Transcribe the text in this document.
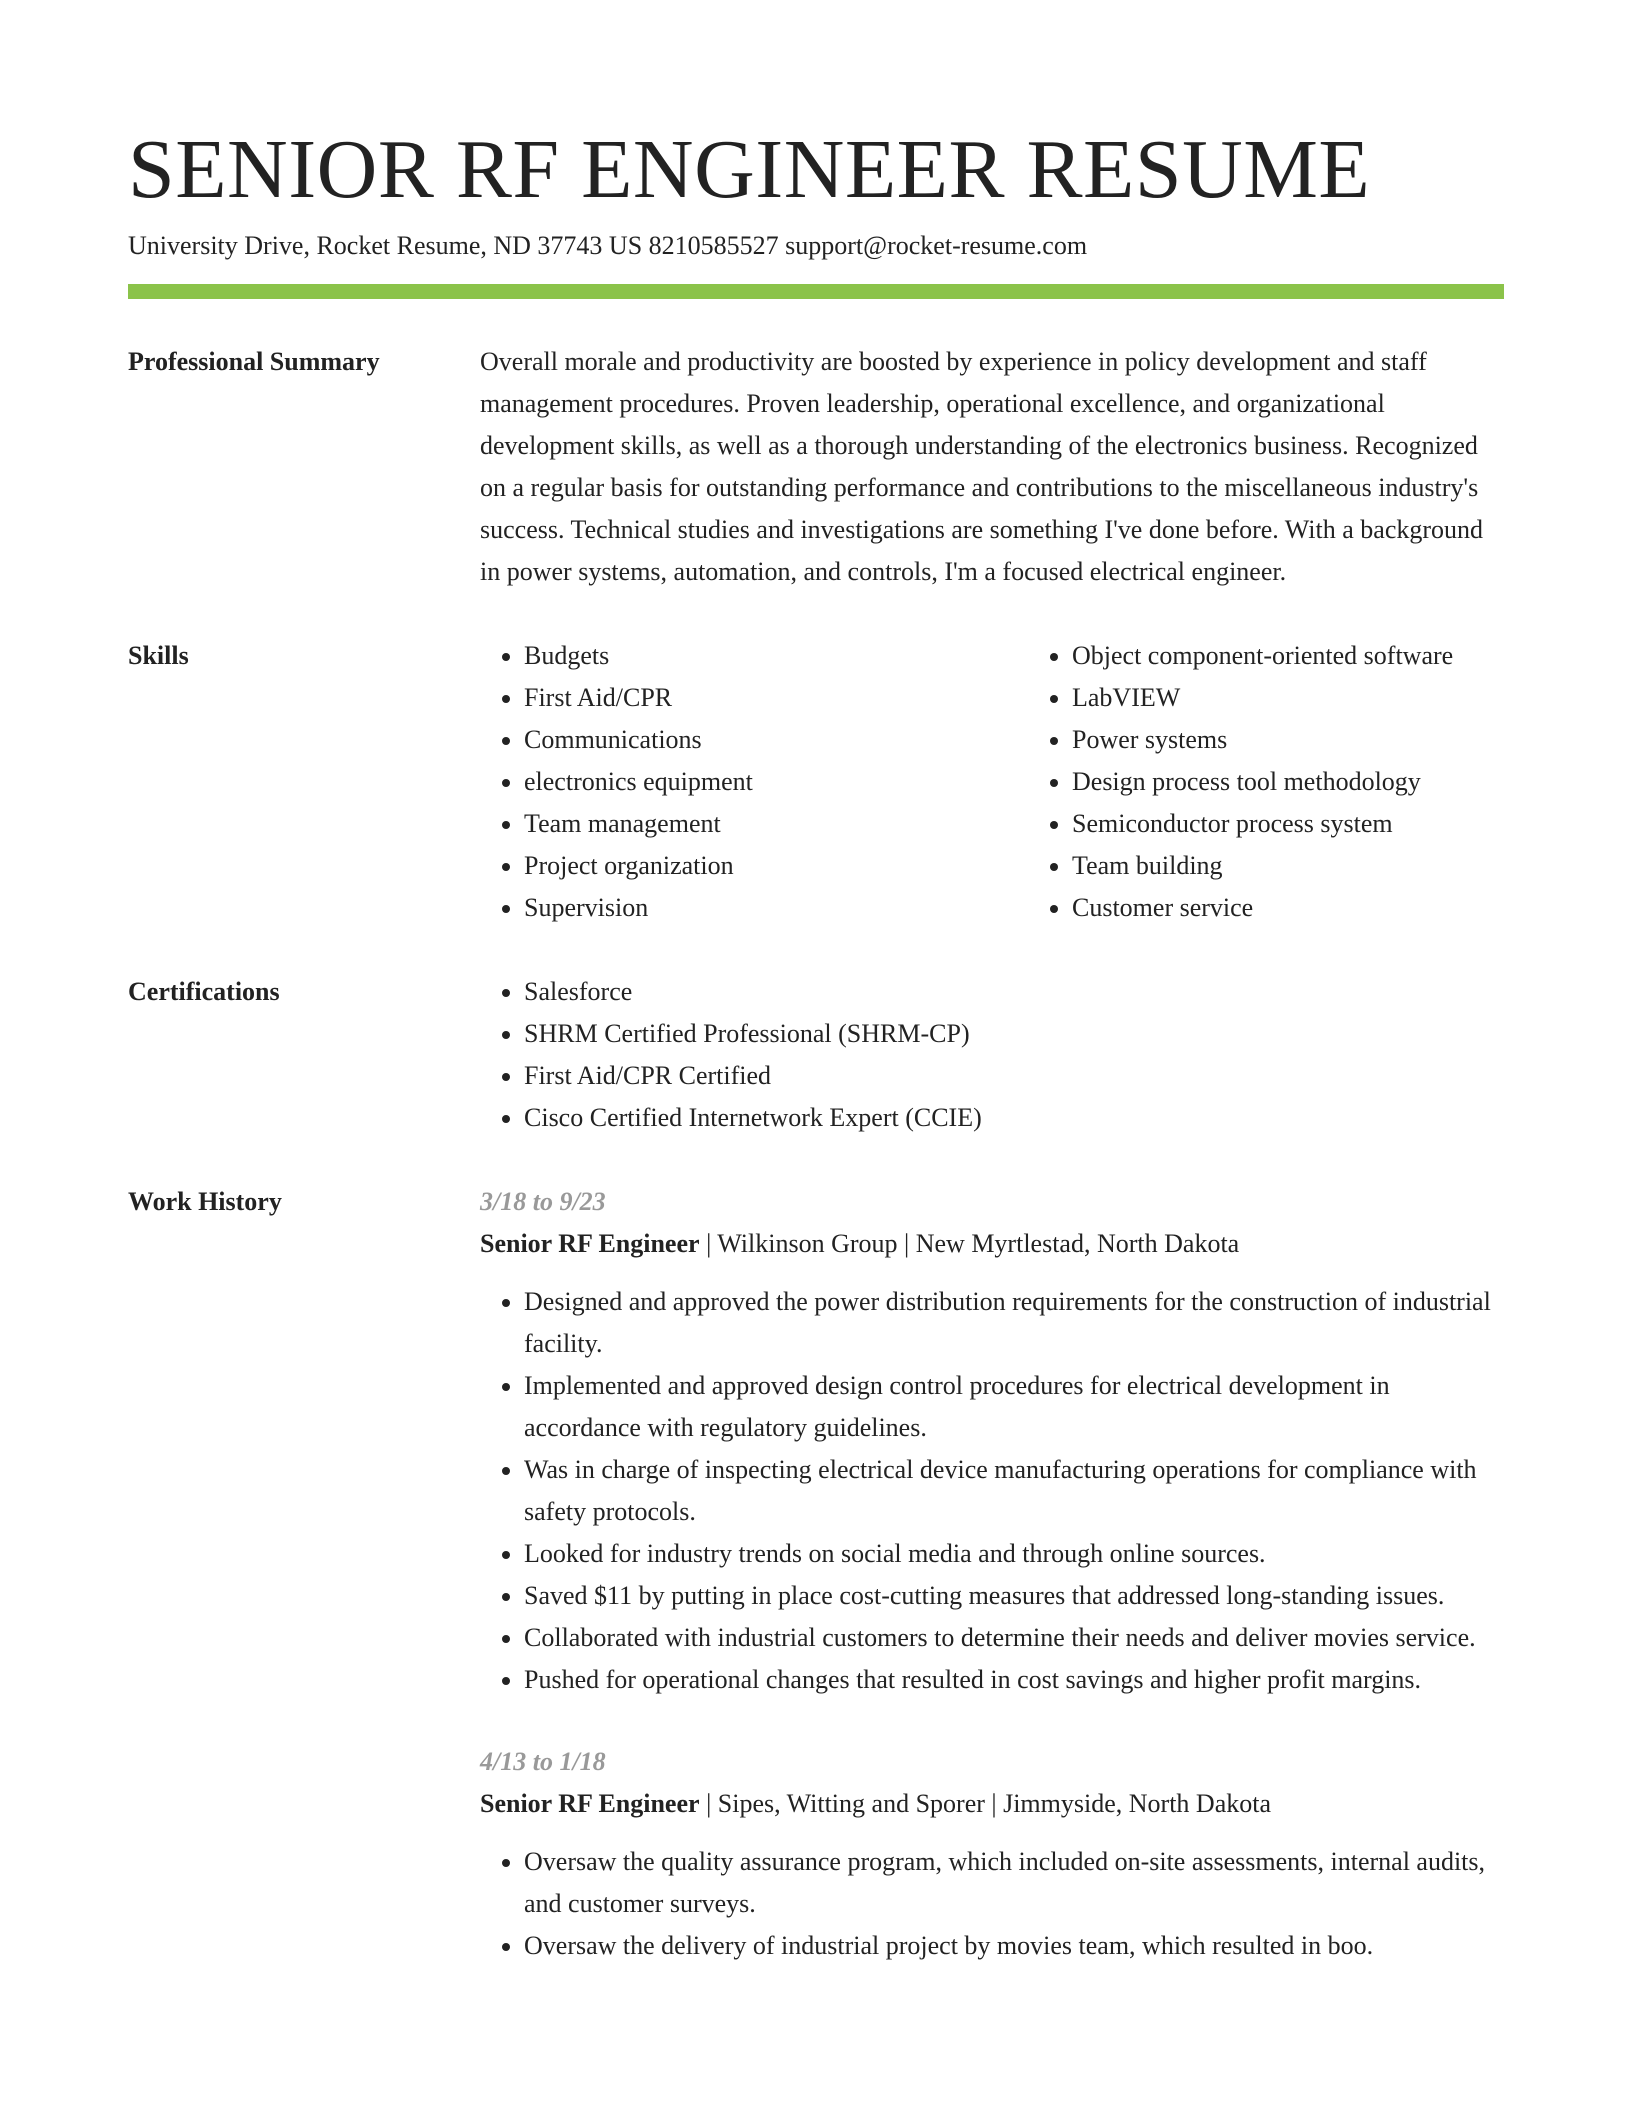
SENIOR RF ENGINEER RESUME
University Drive, Rocket Resume, ND 37743 US 8210585527 support@rocket-resume.com
Professional Summary	Overall morale and productivity are boosted by experience in policy development and staff management procedures. Proven leadership, operational excellence, and organizational development skills, as well as a thorough understanding of the electronics business. Recognized on a regular basis for outstanding performance and contributions to the miscellaneous industry's success. Technical studies and investigations are something I've done before. With a background in power systems, automation, and controls, I'm a focused electrical engineer.

Skills	• Budgets
• First Aid/CPR
• Communications
• electronics equipment
• Team management
• Project organization
• Supervision
• Object component-oriented software
• LabVIEW
• Power systems
• Design process tool methodology
• Semiconductor process system
• Team building
• Customer service
Certifications	• Salesforce
• SHRM Certified Professional (SHRM-CP)
• First Aid/CPR Certified
• Cisco Certified Internetwork Expert (CCIE)
Work History	3/18 to 9/23
Senior RF Engineer | Wilkinson Group | New Myrtlestad, North Dakota
• Designed and approved the power distribution requirements for the construction of industrial facility.
• Implemented and approved design control procedures for electrical development in accordance with regulatory guidelines.
• Was in charge of inspecting electrical device manufacturing operations for compliance with safety protocols.
• Looked for industry trends on social media and through online sources.
• Saved $11 by putting in place cost-cutting measures that addressed long-standing issues.
• Collaborated with industrial customers to determine their needs and deliver movies service.
• Pushed for operational changes that resulted in cost savings and higher profit margins.
4/13 to 1/18
Senior RF Engineer | Sipes, Witting and Sporer | Jimmyside, North Dakota
• Oversaw the quality assurance program, which included on-site assessments, internal audits, and customer surveys.
• Oversaw the delivery of industrial project by movies team, which resulted in boo.
